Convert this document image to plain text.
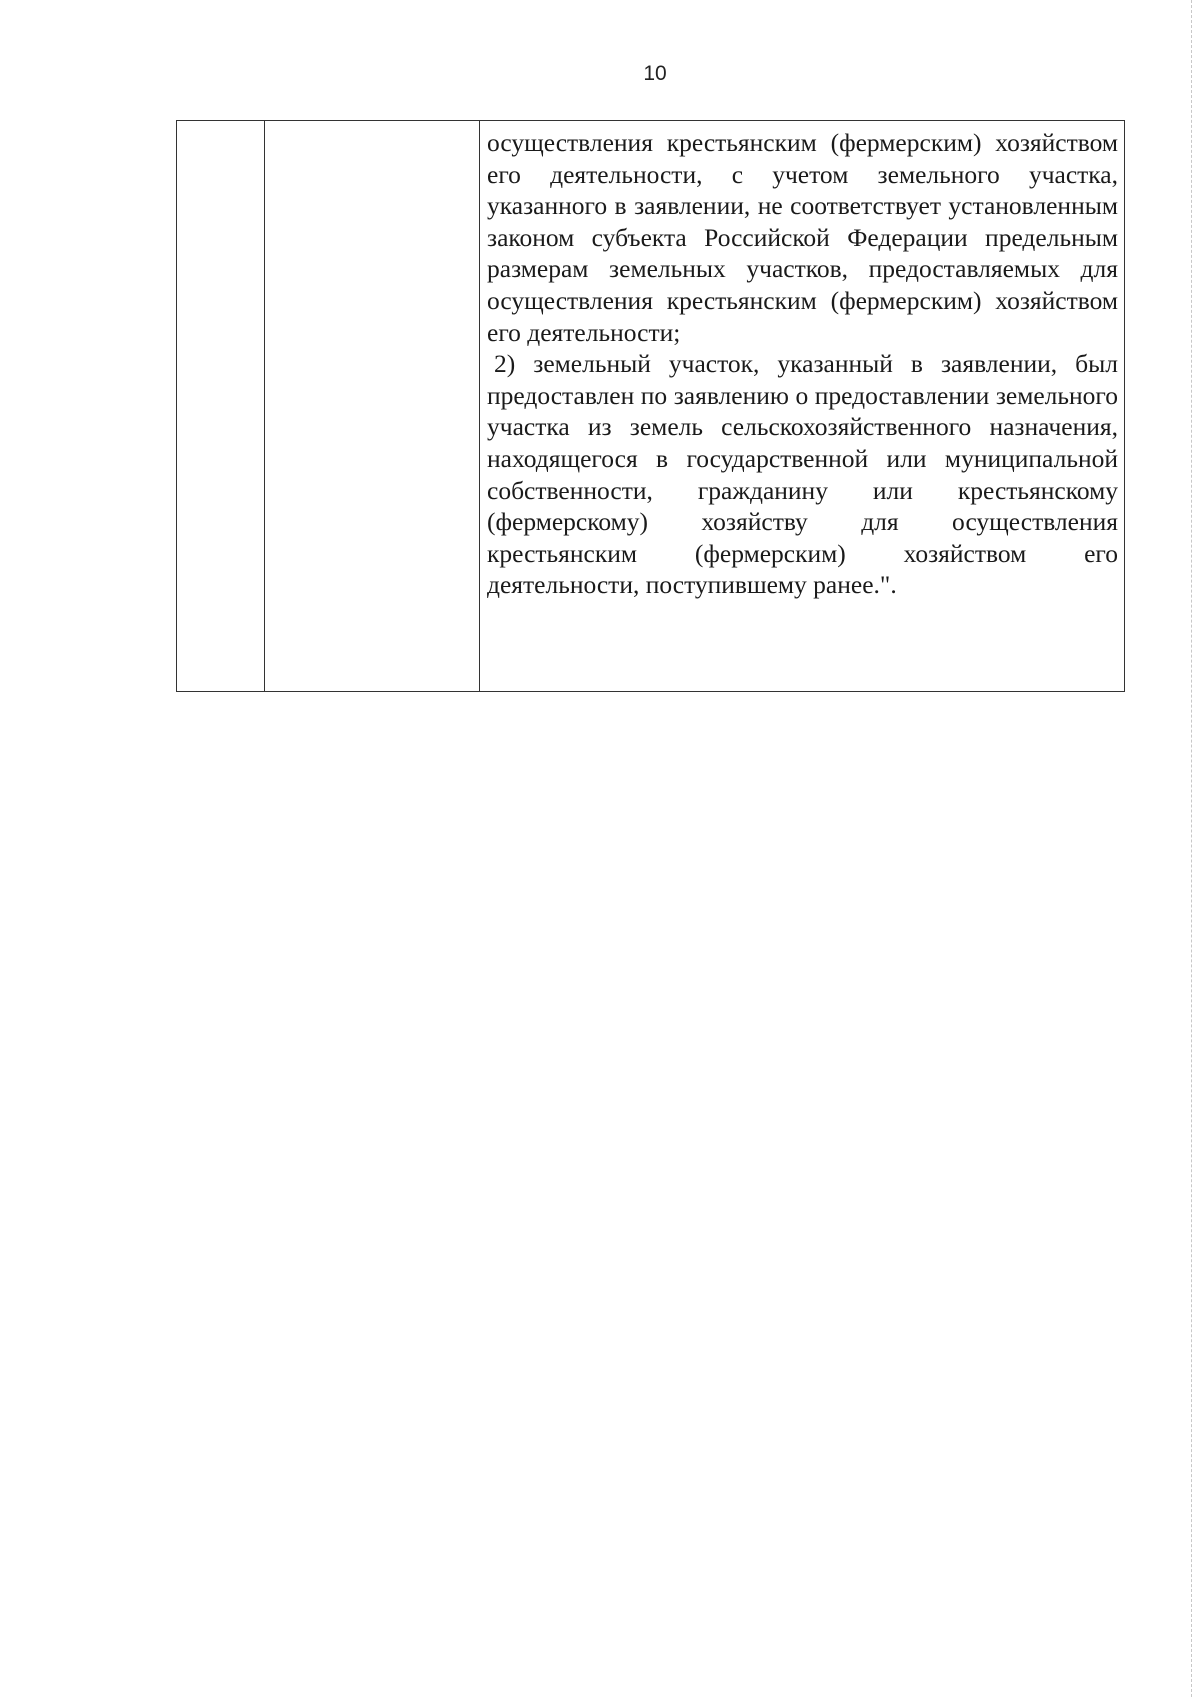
10

осуществления крестьянским (фермерским) хозяйством его деятельности, с учетом земельного участка, указанного в заявлении, не соответствует установленным законом субъекта Российской Федерации предельным размерам земельных участков, предоставляемых для осуществления крестьянским (фермерским) хозяйством его деятельности;

2) земельный участок, указанный в заявлении, был предоставлен по заявлению о предоставлении земельного участка из земель сельскохозяйственного назначения, находящегося в государственной или муниципальной собственности, гражданину или крестьянскому (фермерскому) хозяйству для осуществления крестьянским (фермерским) хозяйством его деятельности, поступившему ранее.".
